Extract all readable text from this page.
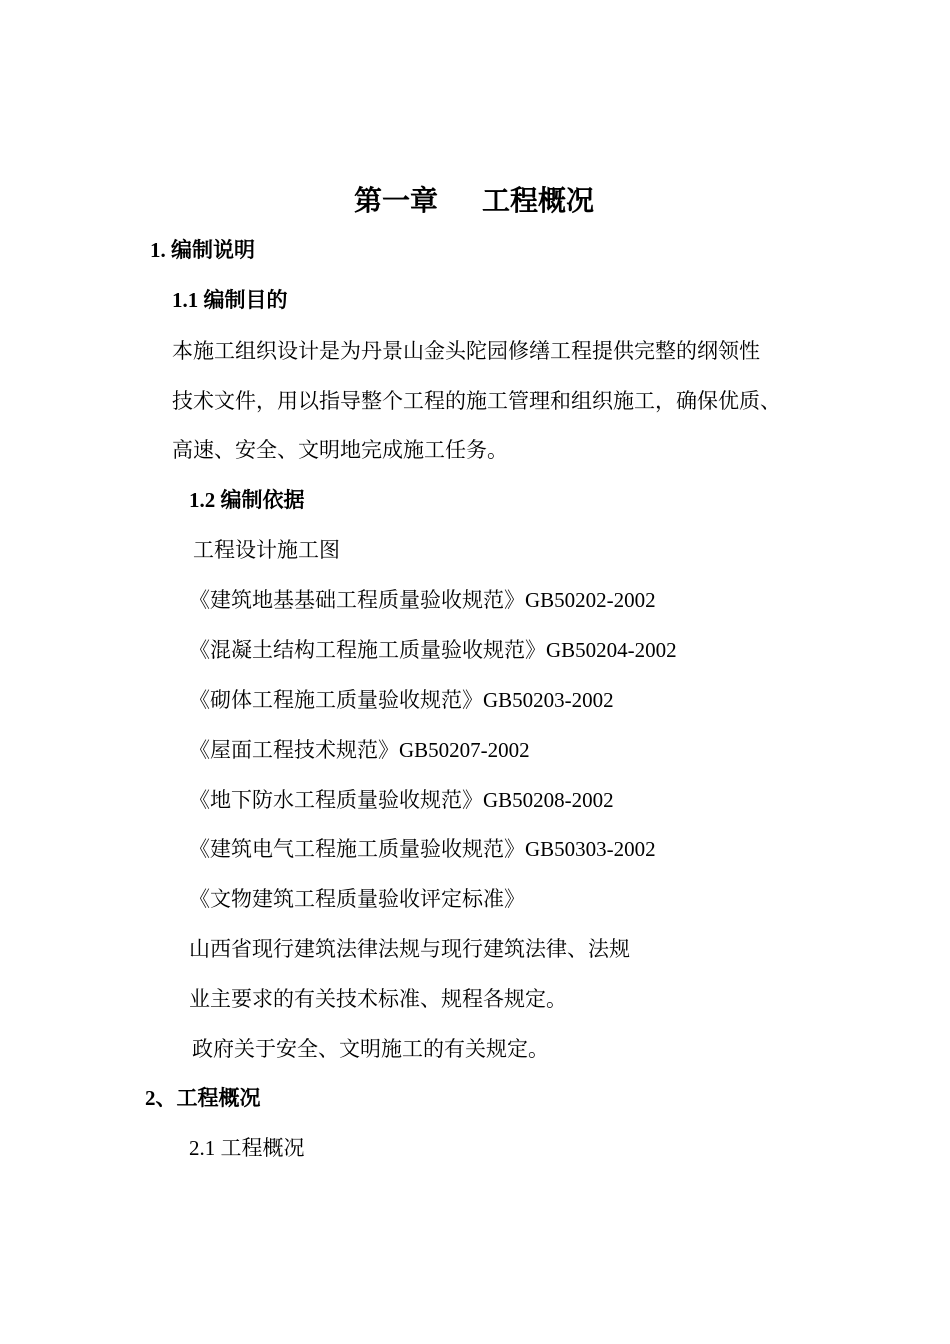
第一章 工程概况
1. 编制说明
1.1 编制目的
本施工组织设计是为丹景山金头陀园修缮工程提供完整的纲领性
技术文件，用以指导整个工程的施工管理和组织施工，确保优质、
高速、安全、文明地完成施工任务。
1.2 编制依据
工程设计施工图
《建筑地基基础工程质量验收规范》GB50202-2002
《混凝土结构工程施工质量验收规范》GB50204-2002
《砌体工程施工质量验收规范》GB50203-2002
《屋面工程技术规范》GB50207-2002
《地下防水工程质量验收规范》GB50208-2002
《建筑电气工程施工质量验收规范》GB50303-2002
《文物建筑工程质量验收评定标准》
山西省现行建筑法律法规与现行建筑法律、法规
业主要求的有关技术标准、规程各规定。
政府关于安全、文明施工的有关规定。
2、工程概况
2.1 工程概况
